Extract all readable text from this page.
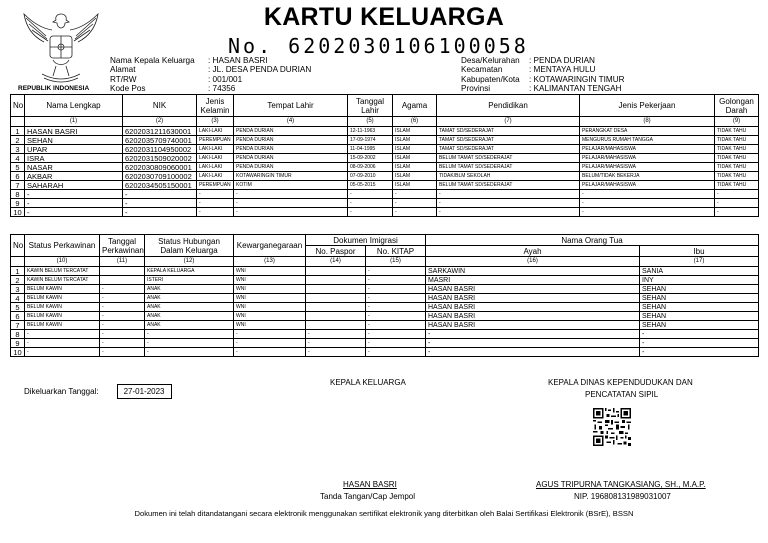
REPUBLIK INDONESIA
KARTU KELUARGA
No. 6202030106100058
Nama Kepala Keluarga	: HASAN BASRI
Alamat	: JL. DESA PENDA DURIAN
RT/RW	: 001/001
Kode Pos	: 74356
Desa/Kelurahan	: PENDA DURIAN
Kecamatan	: MENTAYA HULU
Kabupaten/Kota	: KOTAWARINGIN TIMUR
Provinsi	: KALIMANTAN TENGAH
No	Nama Lengkap	NIK	Jenis Kelamin	Tempat Lahir	Tanggal Lahir	Agama	Pendidikan	Jenis Pekerjaan	Golongan Darah
	(1)	(2)	(3)	(4)	(5)	(6)	(7)	(8)	(9)
1	HASAN BASRI	6202031211630001	LAKI-LAKI	PENDA DURIAN	12-11-1963	ISLAM	TAMAT SD/SEDERAJAT	PERANGKAT DESA	TIDAK TAHU
2	SEHAN	6202035709740001	PEREMPUAN	PENDA DURIAN	17-09-1974	ISLAM	TAMAT SD/SEDERAJAT	MENGURUS RUMAH TANGGA	TIDAK TAHU
3	UPAR	6202031104950002	LAKI-LAKI	PENDA DURIAN	11-04-1995	ISLAM	TAMAT SD/SEDERAJAT	PELAJAR/MAHASISWA	TIDAK TAHU
4	ISRA	6202031509020002	LAKI-LAKI	PENDA DURIAN	15-09-2002	ISLAM	BELUM TAMAT SD/SEDERAJAT	PELAJAR/MAHASISWA	TIDAK TAHU
5	NASAR	6202030809060001	LAKI-LAKI	PENDA DURIAN	08-09-2006	ISLAM	BELUM TAMAT SD/SEDERAJAT	PELAJAR/MAHASISWA	TIDAK TAHU
6	AKBAR	6202030709100002	LAKI-LAKI	KOTAWARINGIN TIMUR	07-09-2010	ISLAM	TIDAK/BLM SEKOLAH	BELUM/TIDAK BEKERJA	TIDAK TAHU
7	SAHARAH	6202034505150001	PEREMPUAN	KOTIM	05-05-2015	ISLAM	BELUM TAMAT SD/SEDERAJAT	PELAJAR/MAHASISWA	TIDAK TAHU
8	-	-	-	-	-	-	-	-	-
9	-	-	-	-	-	-	-	-	-
10	-	-	-	-	-	-	-	-	-
No	Status Perkawinan	Tanggal Perkawinan	Status Hubungan Dalam Keluarga	Kewarganegaraan	Dokumen Imigrasi		Nama Orang Tua	
					No. Paspor	No. KITAP	Ayah	Ibu
	(10)	(11)	(12)	(13)	(14)	(15)	(16)	(17)
1	KAWIN BELUM TERCATAT		KEPALA KELUARGA	WNI		-	SARKAWIN	SANIA
2	KAWIN BELUM TERCATAT		ISTERI	WNI		-	MASRI	INY
3	BELUM KAWIN	-	ANAK	WNI		-	HASAN BASRI	SEHAN
4	BELUM KAWIN	-	ANAK	WNI		-	HASAN BASRI	SEHAN
5	BELUM KAWIN	-	ANAK	WNI		-	HASAN BASRI	SEHAN
6	BELUM KAWIN	-	ANAK	WNI		-	HASAN BASRI	SEHAN
7	BELUM KAWIN	-	ANAK	WNI		-	HASAN BASRI	SEHAN
8	-	-	-	-	-	-	-	-
9	-	-	-	-	-	-	-	-
10	-	-	-	-	-	-	-	-
Dikeluarkan Tanggal:	27-01-2023
KEPALA KELUARGA
HASAN BASRI
Tanda Tangan/Cap Jempol
KEPALA DINAS KEPENDUDUKAN DAN
PENCATATAN SIPIL
AGUS TRIPURNA TANGKASIANG, SH., M.A.P.
NIP. 196808131989031007
Dokumen ini telah ditandatangani secara elektronik menggunakan sertifikat elektronik yang diterbitkan oleh Balai Sertifikasi Elektronik (BSrE), BSSN
